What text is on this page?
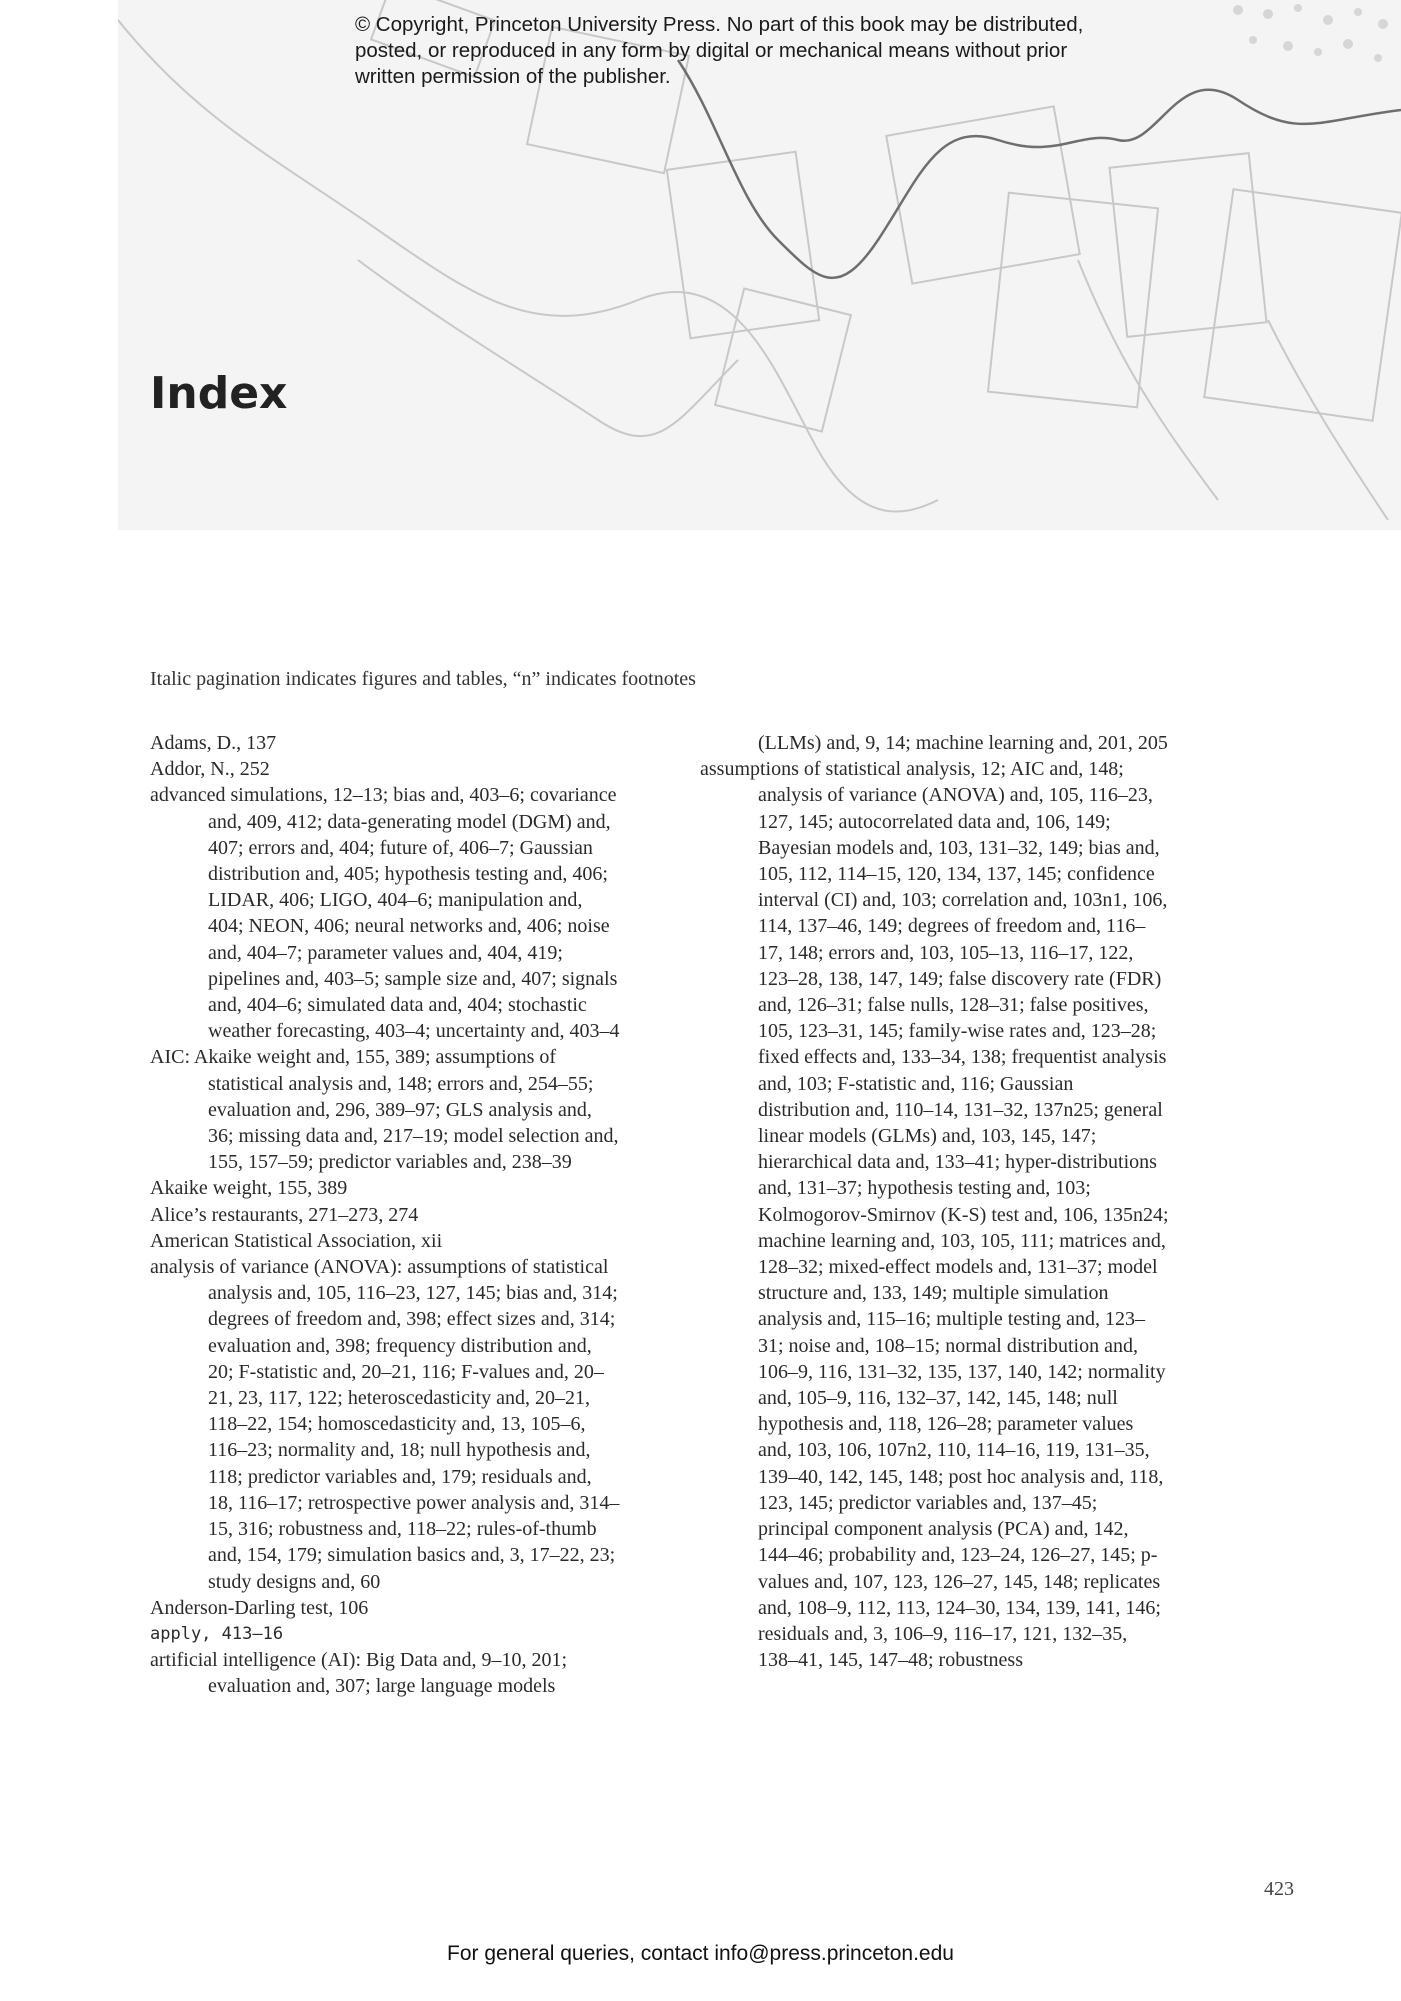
© Copyright, Princeton University Press. No part of this book may be distributed, posted, or reproduced in any form by digital or mechanical means without prior written permission of the publisher.
Index
Italic pagination indicates figures and tables, “n” indicates footnotes

Adams, D., 137

Addor, N., 252

advanced simulations, 12–13; bias and, 403–6; covariance and, 409, 412; data-generating model (DGM) and, 407; errors and, 404; future of, 406–7; Gaussian distribution and, 405; hypothesis testing and, 406; LIDAR, 406; LIGO, 404–6; manipulation and, 404; NEON, 406; neural networks and, 406; noise and, 404–7; parameter values and, 404, 419; pipelines and, 403–5; sample size and, 407; signals and, 404–6; simulated data and, 404; stochastic weather forecasting, 403–4; uncertainty and, 403–4

AIC: Akaike weight and, 155, 389; assumptions of statistical analysis and, 148; errors and, 254–55; evaluation and, 296, 389–97; GLS analysis and, 36; missing data and, 217–19; model selection and, 155, 157–59; predictor variables and, 238–39

Akaike weight, 155, 389

Alice’s restaurants, 271–273, 274

American Statistical Association, xii

analysis of variance (ANOVA): assumptions of statistical analysis and, 105, 116–23, 127, 145; bias and, 314; degrees of freedom and, 398; effect sizes and, 314; evaluation and, 398; frequency distribution and, 20; F-statistic and, 20–21, 116; F-values and, 20–21, 23, 117, 122; heteroscedasticity and, 20–21, 118–22, 154; homoscedasticity and, 13, 105–6, 116–23; normality and, 18; null hypothesis and, 118; predictor variables and, 179; residuals and, 18, 116–17; retrospective power analysis and, 314–15, 316; robustness and, 118–22; rules-of-thumb and, 154, 179; simulation basics and, 3, 17–22, 23; study designs and, 60

Anderson-Darling test, 106

apply, 413–16

artificial intelligence (AI): Big Data and, 9–10, 201; evaluation and, 307; large language models

(LLMs) and, 9, 14; machine learning and, 201, 205

assumptions of statistical analysis, 12; AIC and, 148; analysis of variance (ANOVA) and, 105, 116–23, 127, 145; autocorrelated data and, 106, 149; Bayesian models and, 103, 131–32, 149; bias and, 105, 112, 114–15, 120, 134, 137, 145; confidence interval (CI) and, 103; correlation and, 103n1, 106, 114, 137–46, 149; degrees of freedom and, 116–17, 148; errors and, 103, 105–13, 116–17, 122, 123–28, 138, 147, 149; false discovery rate (FDR) and, 126–31; false nulls, 128–31; false positives, 105, 123–31, 145; family-wise rates and, 123–28; fixed effects and, 133–34, 138; frequentist analysis and, 103; F-statistic and, 116; Gaussian distribution and, 110–14, 131–32, 137n25; general linear models (GLMs) and, 103, 145, 147; hierarchical data and, 133–41; hyper-distributions and, 131–37; hypothesis testing and, 103; Kolmogorov-Smirnov (K-S) test and, 106, 135n24; machine learning and, 103, 105, 111; matrices and, 128–32; mixed-effect models and, 131–37; model structure and, 133, 149; multiple simulation analysis and, 115–16; multiple testing and, 123–31; noise and, 108–15; normal distribution and, 106–9, 116, 131–32, 135, 137, 140, 142; normality and, 105–9, 116, 132–37, 142, 145, 148; null hypothesis and, 118, 126–28; parameter values and, 103, 106, 107n2, 110, 114–16, 119, 131–35, 139–40, 142, 145, 148; post hoc analysis and, 118, 123, 145; predictor variables and, 137–45; principal component analysis (PCA) and, 142, 144–46; probability and, 123–24, 126–27, 145; p-values and, 107, 123, 126–27, 145, 148; replicates and, 108–9, 112, 113, 124–30, 134, 139, 141, 146; residuals and, 3, 106–9, 116–17, 121, 132–35, 138–41, 145, 147–48; robustness

423
For general queries, contact info@press.princeton.edu
